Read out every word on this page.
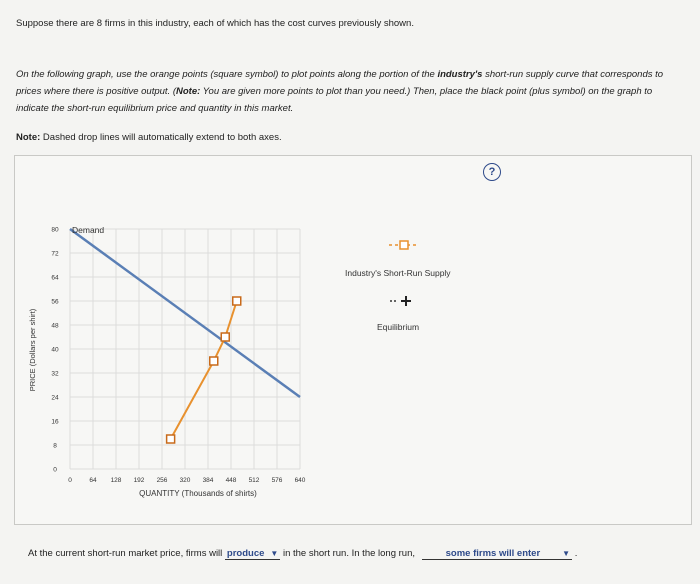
Suppose there are 8 firms in this industry, each of which has the cost curves previously shown.
On the following graph, use the orange points (square symbol) to plot points along the portion of the industry's short-run supply curve that corresponds to prices where there is positive output. (Note: You are given more points to plot than you need.) Then, place the black point (plus symbol) on the graph to indicate the short-run equilibrium price and quantity in this market.
Note: Dashed drop lines will automatically extend to both axes.
?
0	64 128 192 256 320 384 448 512 576 640
0
8
16
24
32
40
48
56
64
72
80
QUANTITY (Thousands of shirts)
PRICE (Dollars per shirt)
Demand
Industry's Short-Run Supply
Equilibrium
At the current short-run market price, firms will produce ▼ in the short run. In the long run,	some firms will enter	▼ .
